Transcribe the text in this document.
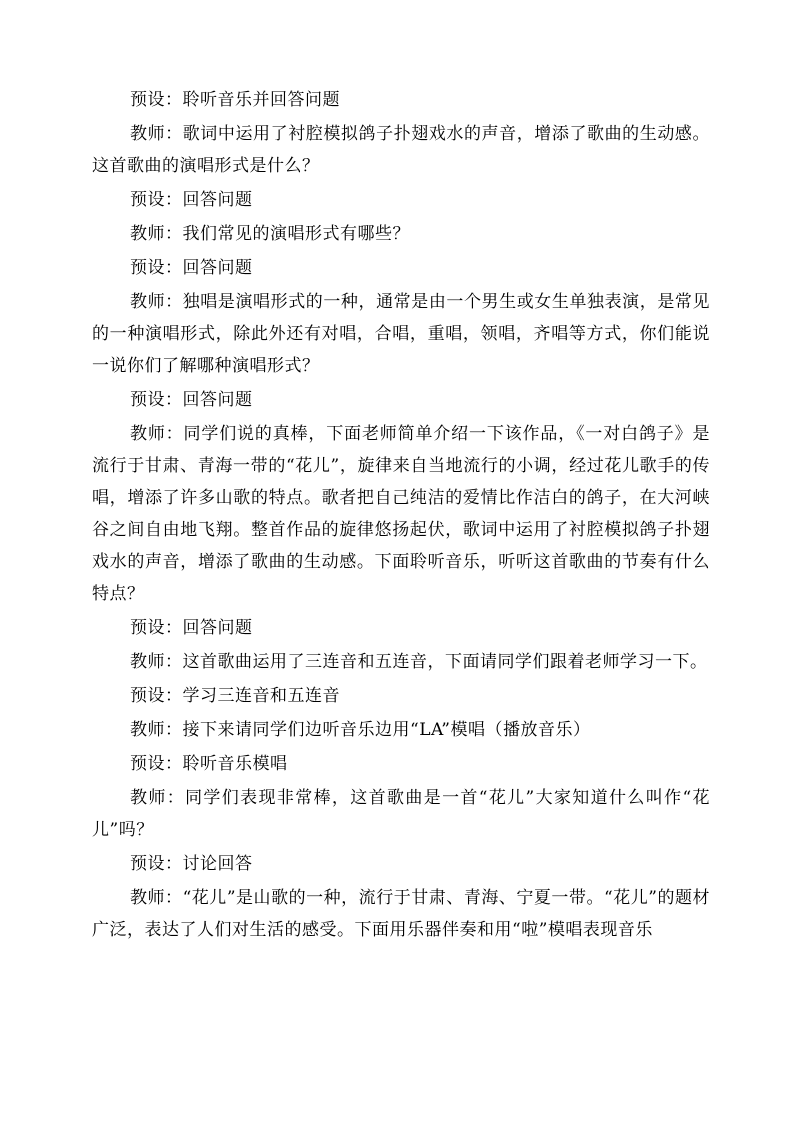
预设：聆听音乐并回答问题

教师：歌词中运用了衬腔模拟鸽子扑翅戏水的声音，增添了歌曲的生动感。这首歌曲的演唱形式是什么？

预设：回答问题

教师：我们常见的演唱形式有哪些？

预设：回答问题

教师：独唱是演唱形式的一种，通常是由一个男生或女生单独表演，是常见的一种演唱形式，除此外还有对唱，合唱，重唱，领唱，齐唱等方式，你们能说一说你们了解哪种演唱形式？

预设：回答问题

教师：同学们说的真棒，下面老师简单介绍一下该作品，《一对白鸽子》是流行于甘肃、青海一带的“花儿”，旋律来自当地流行的小调，经过花儿歌手的传唱，增添了许多山歌的特点。歌者把自己纯洁的爱情比作洁白的鸽子，在大河峡谷之间自由地飞翔。整首作品的旋律悠扬起伏，歌词中运用了衬腔模拟鸽子扑翅戏水的声音，增添了歌曲的生动感。下面聆听音乐，听听这首歌曲的节奏有什么特点？

预设：回答问题

教师：这首歌曲运用了三连音和五连音，下面请同学们跟着老师学习一下。

预设：学习三连音和五连音

教师：接下来请同学们边听音乐边用“LA”模唱（播放音乐）

预设：聆听音乐模唱

教师：同学们表现非常棒，这首歌曲是一首“花儿”大家知道什么叫作“花儿”吗？

预设：讨论回答

教师：“花儿”是山歌的一种，流行于甘肃、青海、宁夏一带。“花儿”的题材广泛，表达了人们对生活的感受。下面用乐器伴奏和用“啦”模唱表现音乐
